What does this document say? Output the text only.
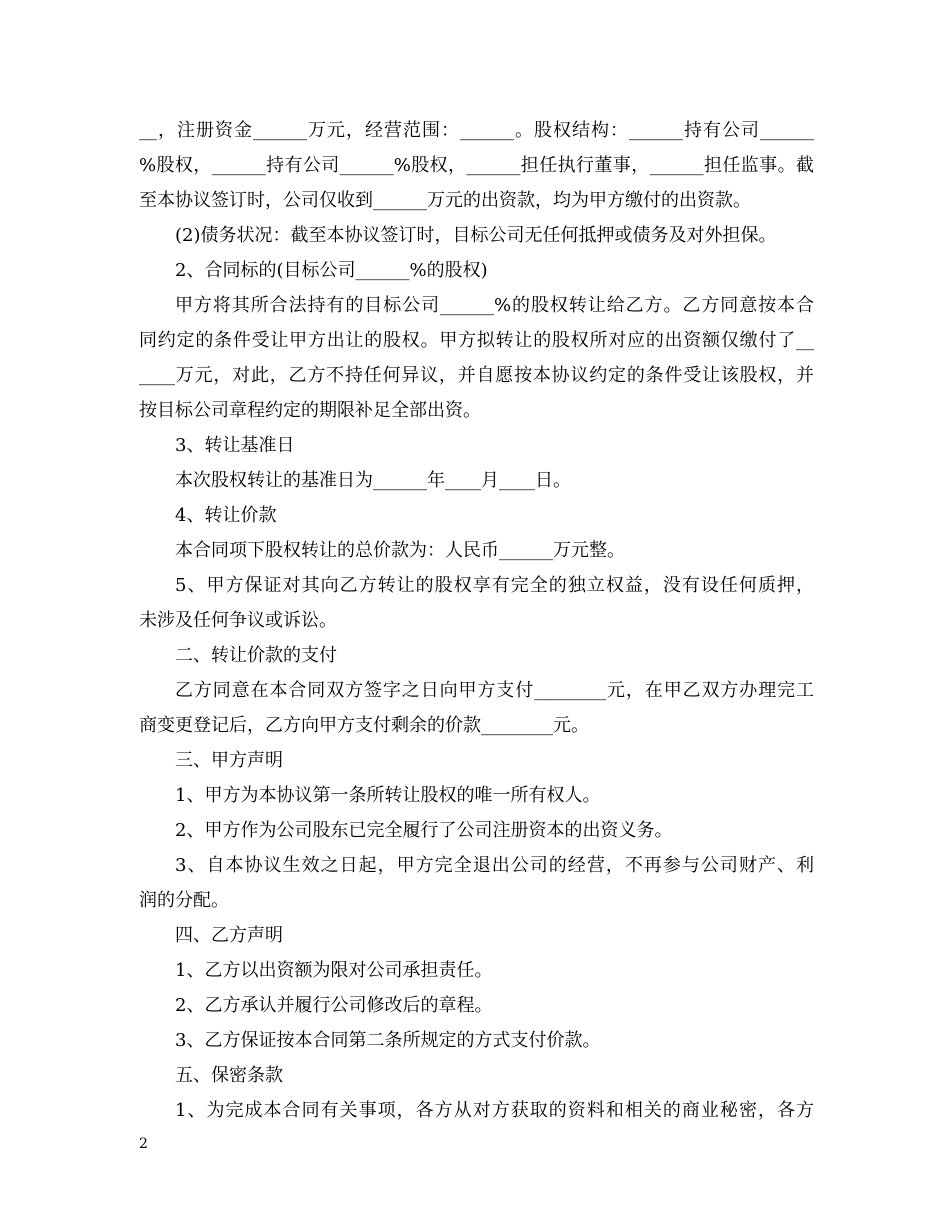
__，注册资金______万元，经营范围：______。股权结构：______持有公司______
%股权，______持有公司______%股权，______担任执行董事，______担任监事。截
至本协议签订时，公司仅收到______万元的出资款，均为甲方缴付的出资款。
(2)债务状况：截至本协议签订时，目标公司无任何抵押或债务及对外担保。
2、合同标的(目标公司______%的股权)
甲方将其所合法持有的目标公司______%的股权转让给乙方。乙方同意按本合
同约定的条件受让甲方出让的股权。甲方拟转让的股权所对应的出资额仅缴付了__
____万元，对此，乙方不持任何异议，并自愿按本协议约定的条件受让该股权，并
按目标公司章程约定的期限补足全部出资。
3、转让基准日
本次股权转让的基准日为______年____月____日。
4、转让价款
本合同项下股权转让的总价款为：人民币______万元整。
5、甲方保证对其向乙方转让的股权享有完全的独立权益，没有设任何质押，
未涉及任何争议或诉讼。
二、转让价款的支付
乙方同意在本合同双方签字之日向甲方支付________元，在甲乙双方办理完工
商变更登记后，乙方向甲方支付剩余的价款________元。
三、甲方声明
1、甲方为本协议第一条所转让股权的唯一所有权人。
2、甲方作为公司股东已完全履行了公司注册资本的出资义务。
3、自本协议生效之日起，甲方完全退出公司的经营，不再参与公司财产、利
润的分配。
四、乙方声明
1、乙方以出资额为限对公司承担责任。
2、乙方承认并履行公司修改后的章程。
3、乙方保证按本合同第二条所规定的方式支付价款。
五、保密条款
1、为完成本合同有关事项，各方从对方获取的资料和相关的商业秘密，各方
2
